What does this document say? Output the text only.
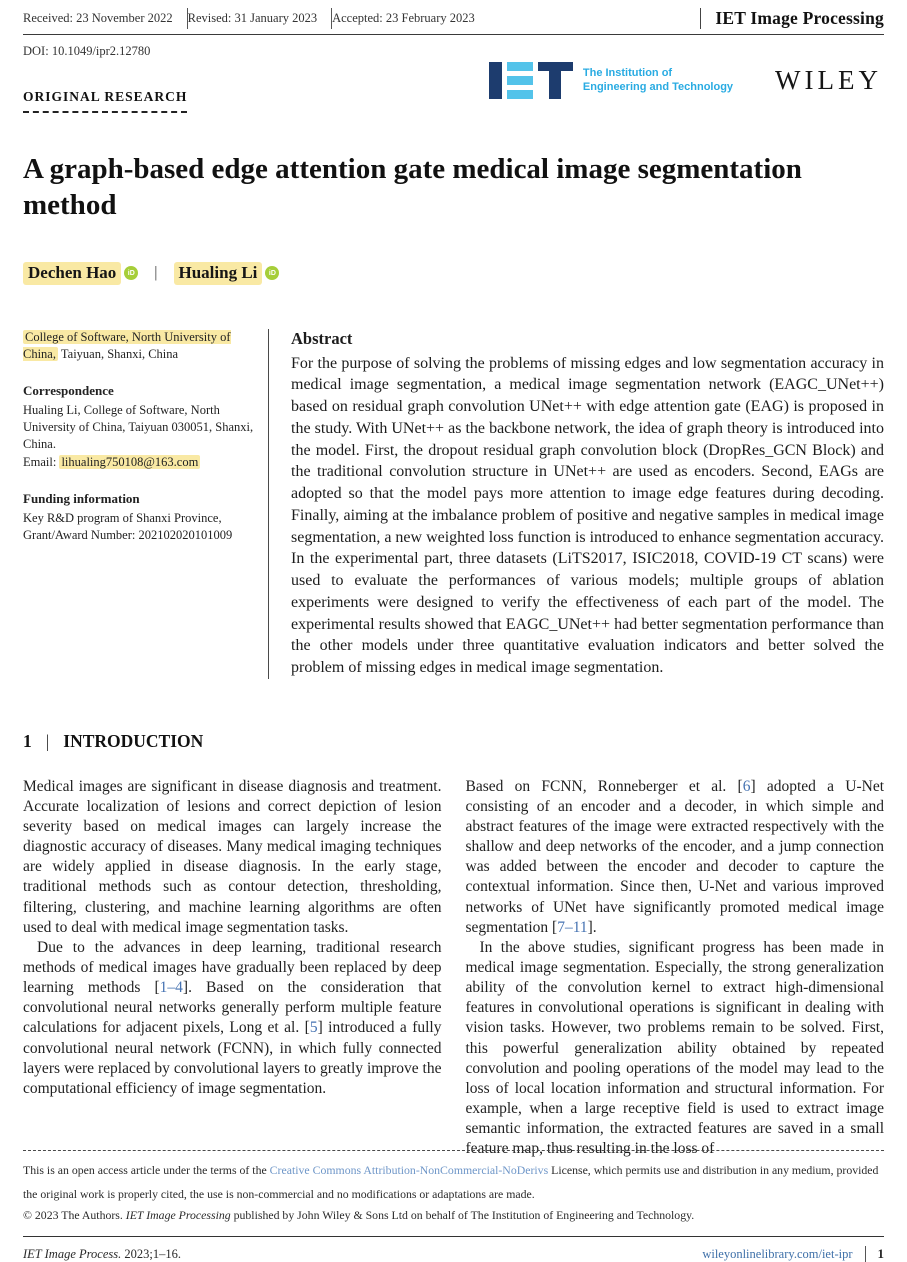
Received: 23 November 2022	Revised: 31 January 2023	Accepted: 23 February 2023	IET Image Processing
DOI: 10.1049/ipr2.12780
ORIGINAL RESEARCH
The Institution of
Engineering and Technology WILEY
A graph-based edge attention gate medical image segmentation method
Dechen Hao	iD | Hualing Li	iD
College of Software, North University of China, Taiyuan, Shanxi, China
Correspondence
Hualing Li, College of Software, North University of China, Taiyuan 030051, Shanxi, China.
Email: lihualing750108@163.com
Funding information
Key R&D program of Shanxi Province, Grant/Award Number: 202102020101009
Abstract

For the purpose of solving the problems of missing edges and low segmentation accuracy in medical image segmentation, a medical image segmentation network (EAGC_UNet++) based on residual graph convolution UNet++ with edge attention gate (EAG) is proposed in the study. With UNet++ as the backbone network, the idea of graph theory is introduced into the model. First, the dropout residual graph convolution block (DropRes_GCN Block) and the traditional convolution structure in UNet++ are used as encoders. Second, EAGs are adopted so that the model pays more attention to image edge features during decoding. Finally, aiming at the imbalance problem of positive and negative samples in medical image segmentation, a new weighted loss function is introduced to enhance segmentation accuracy. In the experimental part, three datasets (LiTS2017, ISIC2018, COVID-19 CT scans) were used to evaluate the performances of various models; multiple groups of ablation experiments were designed to verify the effectiveness of each part of the model. The experimental results showed that EAGC_UNet++ had better segmentation performance than the other models under three quantitative evaluation indicators and better solved the problem of missing edges in medical image segmentation.

1 | INTRODUCTION

Medical images are significant in disease diagnosis and treatment. Accurate localization of lesions and correct depiction of lesion severity based on medical images can largely increase the diagnostic accuracy of diseases. Many medical imaging techniques are widely applied in disease diagnosis. In the early stage, traditional methods such as contour detection, thresholding, filtering, clustering, and machine learning algorithms are often used to deal with medical image segmentation tasks.

Due to the advances in deep learning, traditional research methods of medical images have gradually been replaced by deep learning methods [1–4]. Based on the consideration that convolutional neural networks generally perform multiple feature calculations for adjacent pixels, Long et al. [5] introduced a fully convolutional neural network (FCNN), in which fully connected layers were replaced by convolutional layers to greatly improve the computational efficiency of image segmentation.

Based on FCNN, Ronneberger et al. [6] adopted a U-Net consisting of an encoder and a decoder, in which simple and abstract features of the image were extracted respectively with the shallow and deep networks of the encoder, and a jump connection was added between the encoder and decoder to capture the contextual information. Since then, U-Net and various improved networks of UNet have significantly promoted medical image segmentation [7–11].

In the above studies, significant progress has been made in medical image segmentation. Especially, the strong generalization ability of the convolution kernel to extract high-dimensional features in convolutional operations is significant in dealing with vision tasks. However, two problems remain to be solved. First, this powerful generalization ability obtained by repeated convolution and pooling operations of the model may lead to the loss of local location information and structural information. For example, when a large receptive field is used to extract image semantic information, the extracted features are saved in a small feature map, thus resulting in the loss of

This is an open access article under the terms of the Creative Commons Attribution-NonCommercial-NoDerivs License, which permits use and distribution in any medium, provided the original work is properly cited, the use is non-commercial and no modifications or adaptations are made.

© 2023 The Authors. IET Image Processing published by John Wiley & Sons Ltd on behalf of The Institution of Engineering and Technology.

IET Image Process. 2023;1–16.	wileyonlinelibrary.com/iet-ipr 1
